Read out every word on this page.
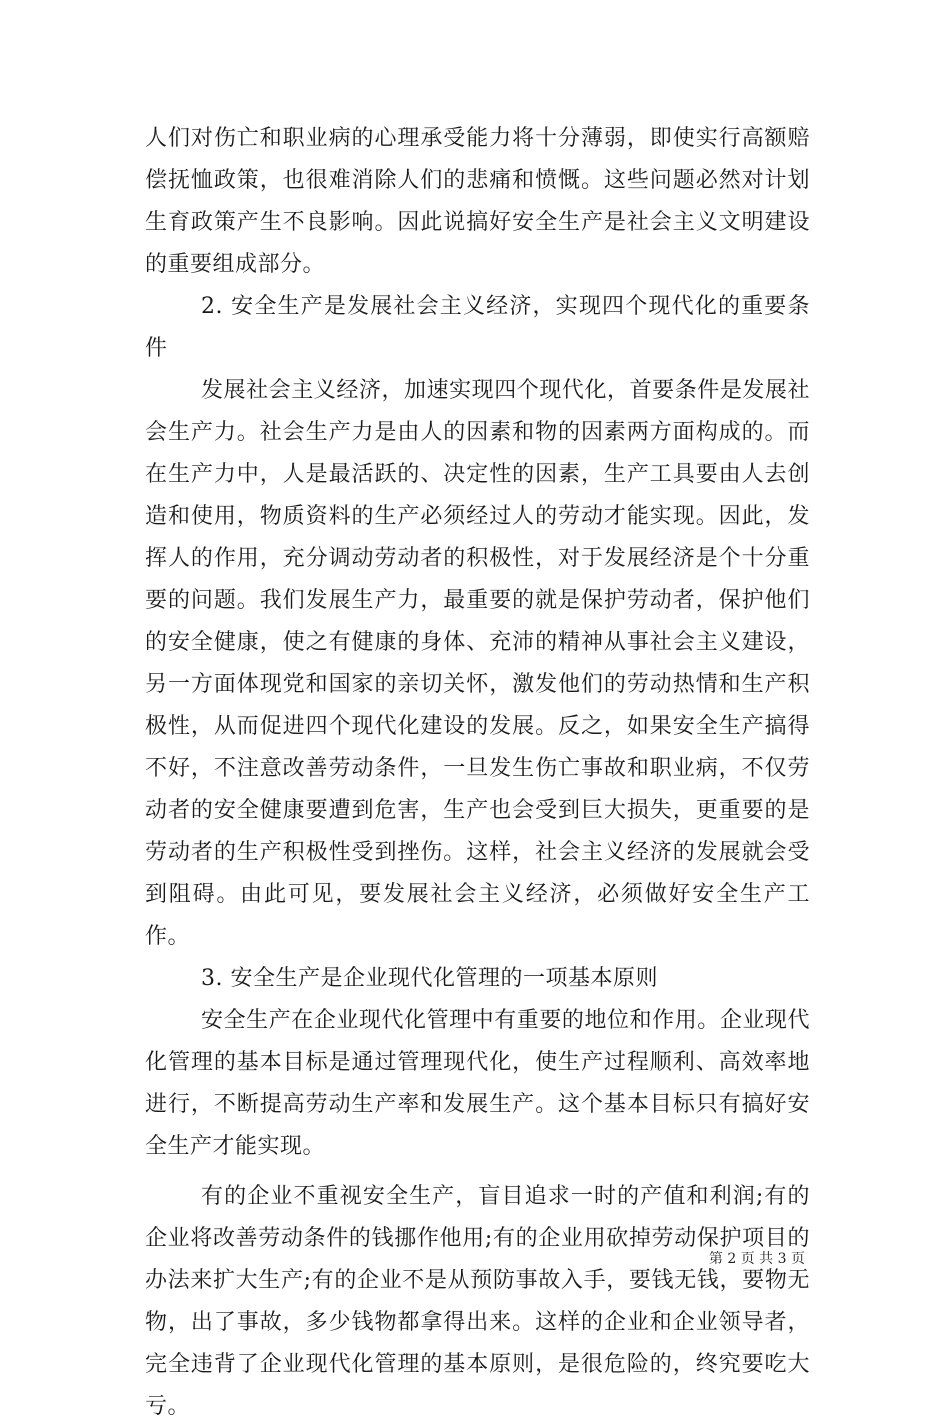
人们对伤亡和职业病的心理承受能力将十分薄弱，即使实行高额赔偿抚恤政策，也很难消除人们的悲痛和愤慨。这些问题必然对计划生育政策产生不良影响。因此说搞好安全生产是社会主义文明建设的重要组成部分。

2. 安全生产是发展社会主义经济，实现四个现代化的重要条件

发展社会主义经济，加速实现四个现代化，首要条件是发展社会生产力。社会生产力是由人的因素和物的因素两方面构成的。而在生产力中，人是最活跃的、决定性的因素，生产工具要由人去创造和使用，物质资料的生产必须经过人的劳动才能实现。因此，发挥人的作用，充分调动劳动者的积极性，对于发展经济是个十分重要的问题。我们发展生产力，最重要的就是保护劳动者，保护他们的安全健康，使之有健康的身体、充沛的精神从事社会主义建设，另一方面体现党和国家的亲切关怀，激发他们的劳动热情和生产积极性，从而促进四个现代化建设的发展。反之，如果安全生产搞得不好，不注意改善劳动条件，一旦发生伤亡事故和职业病，不仅劳动者的安全健康要遭到危害，生产也会受到巨大损失，更重要的是劳动者的生产积极性受到挫伤。这样，社会主义经济的发展就会受到阻碍。由此可见，要发展社会主义经济，必须做好安全生产工作。

3. 安全生产是企业现代化管理的一项基本原则

安全生产在企业现代化管理中有重要的地位和作用。企业现代化管理的基本目标是通过管理现代化，使生产过程顺利、高效率地进行，不断提高劳动生产率和发展生产。这个基本目标只有搞好安全生产才能实现。

有的企业不重视安全生产，盲目追求一时的产值和利润;有的企业将改善劳动条件的钱挪作他用;有的企业用砍掉劳动保护项目的办法来扩大生产;有的企业不是从预防事故入手，要钱无钱，要物无物，出了事故，多少钱物都拿得出来。这样的企业和企业领导者，完全违背了企业现代化管理的基本原则，是很危险的，终究要吃大亏。

第 2 页 共 3 页
